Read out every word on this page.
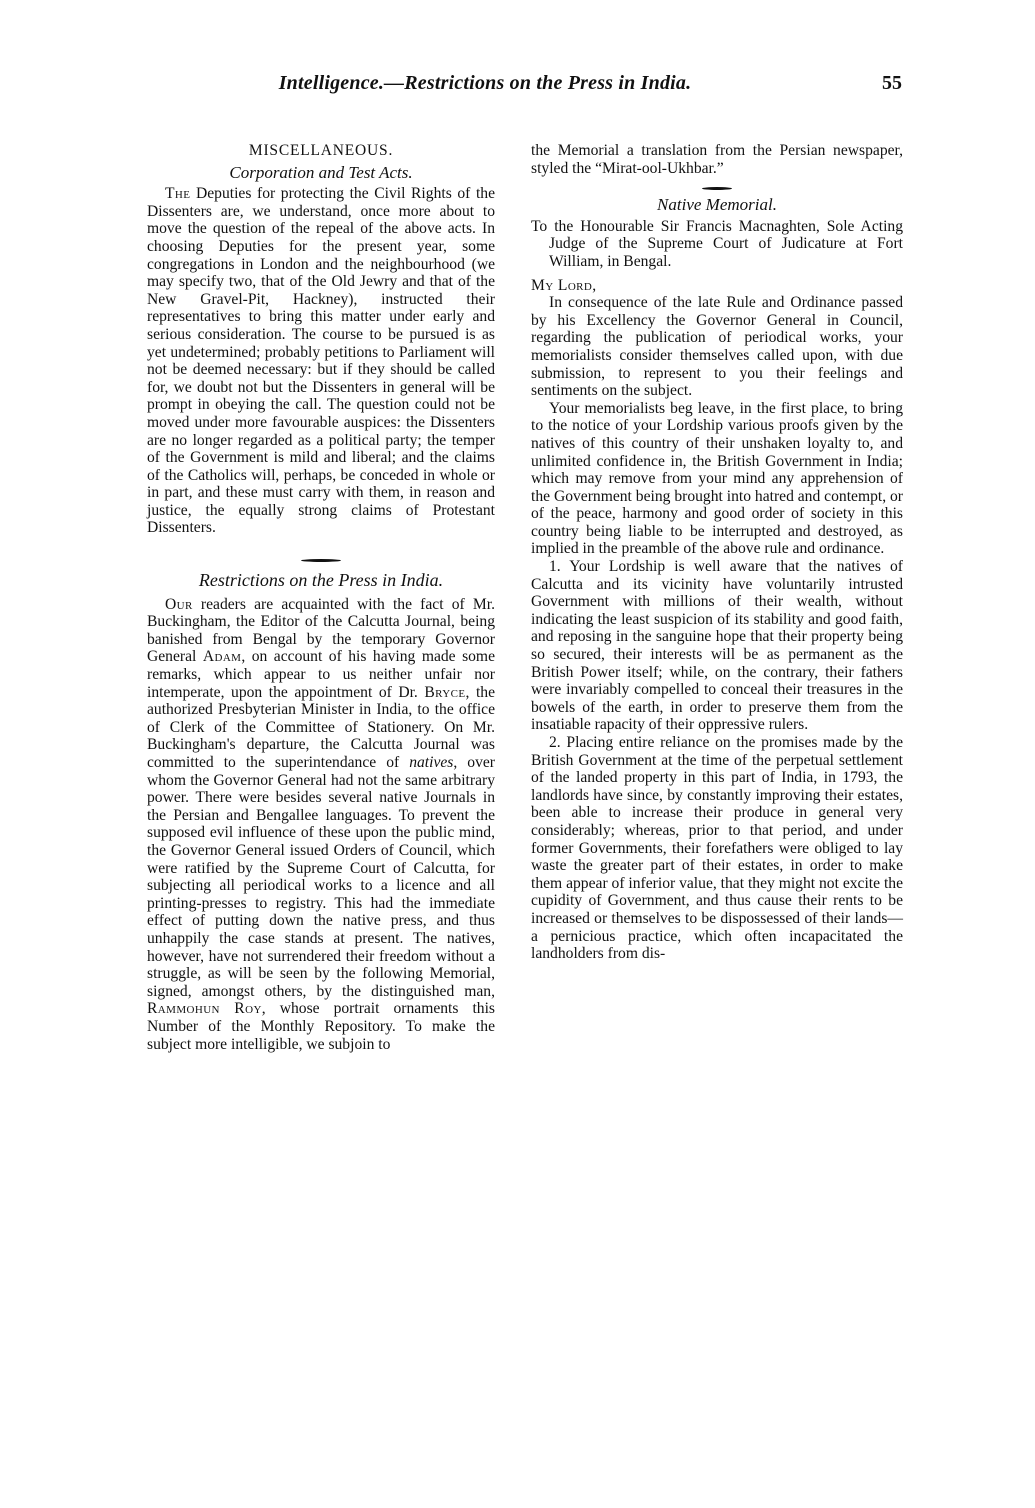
Intelligence.—Restrictions on the Press in India.	55
MISCELLANEOUS.
Corporation and Test Acts.

The Deputies for protecting the Civil Rights of the Dissenters are, we understand, once more about to move the question of the repeal of the above acts. In choosing Deputies for the present year, some congregations in London and the neighbourhood (we may specify two, that of the Old Jewry and that of the New Gravel-Pit, Hackney), instructed their representatives to bring this matter under early and serious consideration. The course to be pursued is as yet undetermined; probably petitions to Parliament will not be deemed necessary: but if they should be called for, we doubt not but the Dissenters in general will be prompt in obeying the call. The question could not be moved under more favourable auspices: the Dissenters are no longer regarded as a political party; the temper of the Government is mild and liberal; and the claims of the Catholics will, perhaps, be conceded in whole or in part, and these must carry with them, in reason and justice, the equally strong claims of Protestant Dissenters.

Restrictions on the Press in India.

Our readers are acquainted with the fact of Mr. Buckingham, the Editor of the Calcutta Journal, being banished from Bengal by the temporary Governor General Adam, on account of his having made some remarks, which appear to us neither unfair nor intemperate, upon the appointment of Dr. Bryce, the authorized Presbyterian Minister in India, to the office of Clerk of the Committee of Stationery. On Mr. Buckingham's departure, the Calcutta Journal was committed to the superintendance of natives, over whom the Governor General had not the same arbitrary power. There were besides several native Journals in the Persian and Bengallee languages. To prevent the supposed evil influence of these upon the public mind, the Governor General issued Orders of Council, which were ratified by the Supreme Court of Calcutta, for subjecting all periodical works to a licence and all printing-presses to registry. This had the immediate effect of putting down the native press, and thus unhappily the case stands at present. The natives, however, have not surrendered their freedom without a struggle, as will be seen by the following Memorial, signed, amongst others, by the distinguished man, Rammohun Roy, whose portrait ornaments this Number of the Monthly Repository. To make the subject more intelligible, we subjoin to

the Memorial a translation from the Persian newspaper, styled the “Mirat-ool-Ukhbar.”

Native Memorial.

To the Honourable Sir Francis Macnaghten, Sole Acting Judge of the Supreme Court of Judicature at Fort William, in Bengal.

My Lord,

In consequence of the late Rule and Ordinance passed by his Excellency the Governor General in Council, regarding the publication of periodical works, your memorialists consider themselves called upon, with due submission, to represent to you their feelings and sentiments on the subject.

Your memorialists beg leave, in the first place, to bring to the notice of your Lordship various proofs given by the natives of this country of their unshaken loyalty to, and unlimited confidence in, the British Government in India; which may remove from your mind any apprehension of the Government being brought into hatred and contempt, or of the peace, harmony and good order of society in this country being liable to be interrupted and destroyed, as implied in the preamble of the above rule and ordinance.

1. Your Lordship is well aware that the natives of Calcutta and its vicinity have voluntarily intrusted Government with millions of their wealth, without indicating the least suspicion of its stability and good faith, and reposing in the sanguine hope that their property being so secured, their interests will be as permanent as the British Power itself; while, on the contrary, their fathers were invariably compelled to conceal their treasures in the bowels of the earth, in order to preserve them from the insatiable rapacity of their oppressive rulers.

2. Placing entire reliance on the promises made by the British Government at the time of the perpetual settlement of the landed property in this part of India, in 1793, the landlords have since, by constantly improving their estates, been able to increase their produce in general very considerably; whereas, prior to that period, and under former Governments, their forefathers were obliged to lay waste the greater part of their estates, in order to make them appear of inferior value, that they might not excite the cupidity of Government, and thus cause their rents to be increased or themselves to be dispossessed of their lands—a pernicious practice, which often incapacitated the landholders from dis-
